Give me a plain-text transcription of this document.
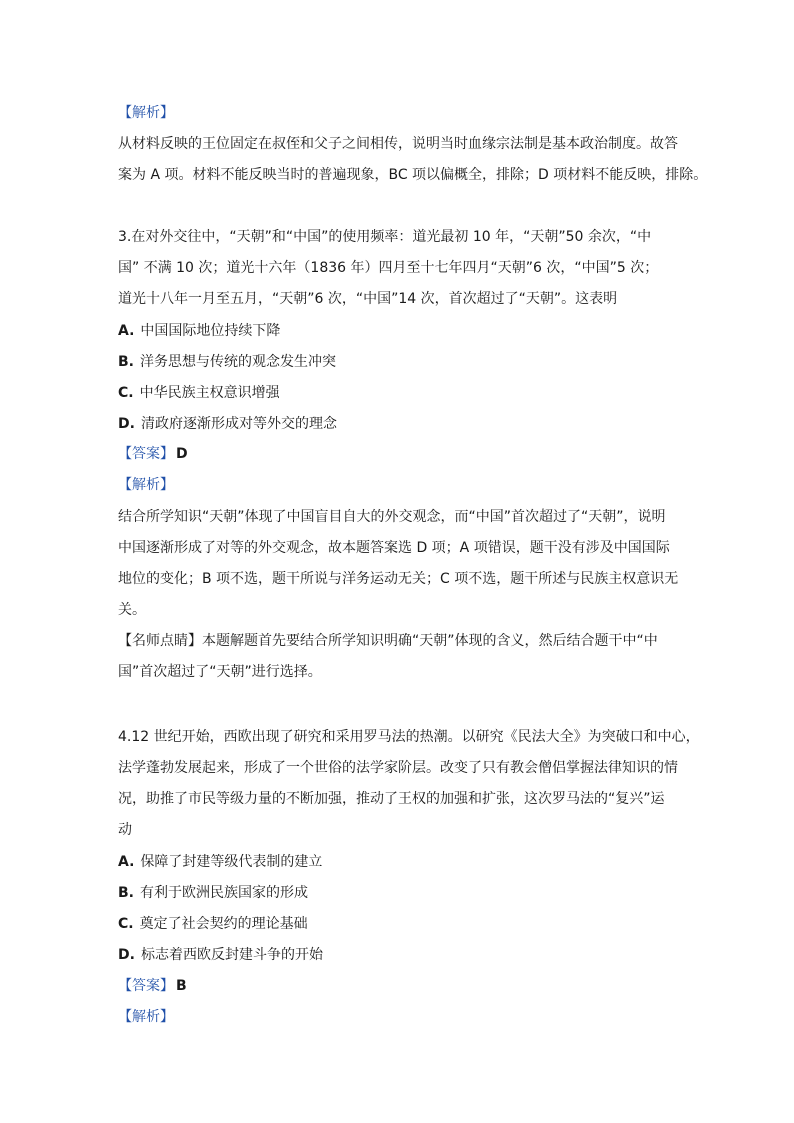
【解析】
从材料反映的王位固定在叔侄和父子之间相传，说明当时血缘宗法制是基本政治制度。故答
案为 A 项。材料不能反映当时的普遍现象，BC 项以偏概全，排除；D 项材料不能反映，排除。
3.在对外交往中，“天朝”和“中国”的使用频率：道光最初 10 年，“天朝”50 余次，“中
国” 不满 10 次；道光十六年（1836 年）四月至十七年四月“天朝”6 次，“中国”5 次；
道光十八年一月至五月，“天朝”6 次，“中国”14 次，首次超过了“天朝”。这表明
A. 中国国际地位持续下降
B. 洋务思想与传统的观念发生冲突
C. 中华民族主权意识增强
D. 清政府逐渐形成对等外交的理念
【答案】 D
【解析】
结合所学知识“天朝”体现了中国盲目自大的外交观念，而“中国”首次超过了“天朝”，说明
中国逐渐形成了对等的外交观念，故本题答案选 D 项；A 项错误，题干没有涉及中国国际
地位的变化；B 项不选，题干所说与洋务运动无关；C 项不选，题干所述与民族主权意识无
关。
【名师点睛】本题解题首先要结合所学知识明确“天朝”体现的含义，然后结合题干中“中
国”首次超过了“天朝”进行选择。
4.12 世纪开始，西欧出现了研究和采用罗马法的热潮。以研究《民法大全》为突破口和中心，
法学蓬勃发展起来，形成了一个世俗的法学家阶层。改变了只有教会僧侣掌握法律知识的情
况，助推了市民等级力量的不断加强，推动了王权的加强和扩张，这次罗马法的“复兴”运
动
A. 保障了封建等级代表制的建立
B. 有利于欧洲民族国家的形成
C. 奠定了社会契约的理论基础
D. 标志着西欧反封建斗争的开始
【答案】 B
【解析】
